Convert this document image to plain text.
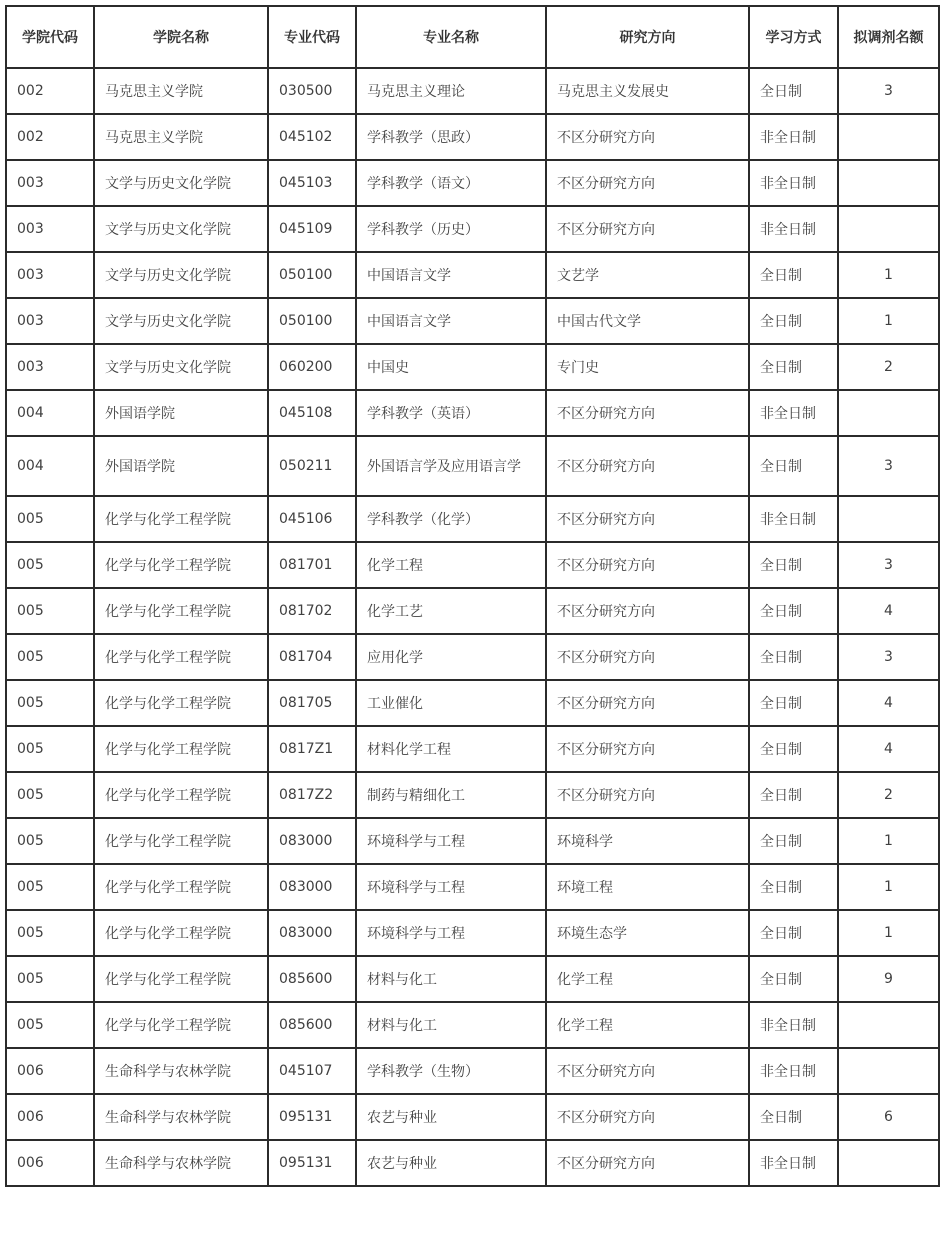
学院代码	学院名称	专业代码	专业名称	研究方向	学习方式	拟调剂名额
002	马克思主义学院	030500	马克思主义理论	马克思主义发展史	全日制	3
002	马克思主义学院	045102	学科教学（思政）	不区分研究方向	非全日制	
003	文学与历史文化学院	045103	学科教学（语文）	不区分研究方向	非全日制	
003	文学与历史文化学院	045109	学科教学（历史）	不区分研究方向	非全日制	
003	文学与历史文化学院	050100	中国语言文学	文艺学	全日制	1
003	文学与历史文化学院	050100	中国语言文学	中国古代文学	全日制	1
003	文学与历史文化学院	060200	中国史	专门史	全日制	2
004	外国语学院	045108	学科教学（英语）	不区分研究方向	非全日制	
004	外国语学院	050211	外国语言学及应用语言学	不区分研究方向	全日制	3
005	化学与化学工程学院	045106	学科教学（化学）	不区分研究方向	非全日制	
005	化学与化学工程学院	081701	化学工程	不区分研究方向	全日制	3
005	化学与化学工程学院	081702	化学工艺	不区分研究方向	全日制	4
005	化学与化学工程学院	081704	应用化学	不区分研究方向	全日制	3
005	化学与化学工程学院	081705	工业催化	不区分研究方向	全日制	4
005	化学与化学工程学院	0817Z1	材料化学工程	不区分研究方向	全日制	4
005	化学与化学工程学院	0817Z2	制药与精细化工	不区分研究方向	全日制	2
005	化学与化学工程学院	083000	环境科学与工程	环境科学	全日制	1
005	化学与化学工程学院	083000	环境科学与工程	环境工程	全日制	1
005	化学与化学工程学院	083000	环境科学与工程	环境生态学	全日制	1
005	化学与化学工程学院	085600	材料与化工	化学工程	全日制	9
005	化学与化学工程学院	085600	材料与化工	化学工程	非全日制	
006	生命科学与农林学院	045107	学科教学（生物）	不区分研究方向	非全日制	
006	生命科学与农林学院	095131	农艺与种业	不区分研究方向	全日制	6
006	生命科学与农林学院	095131	农艺与种业	不区分研究方向	非全日制	
